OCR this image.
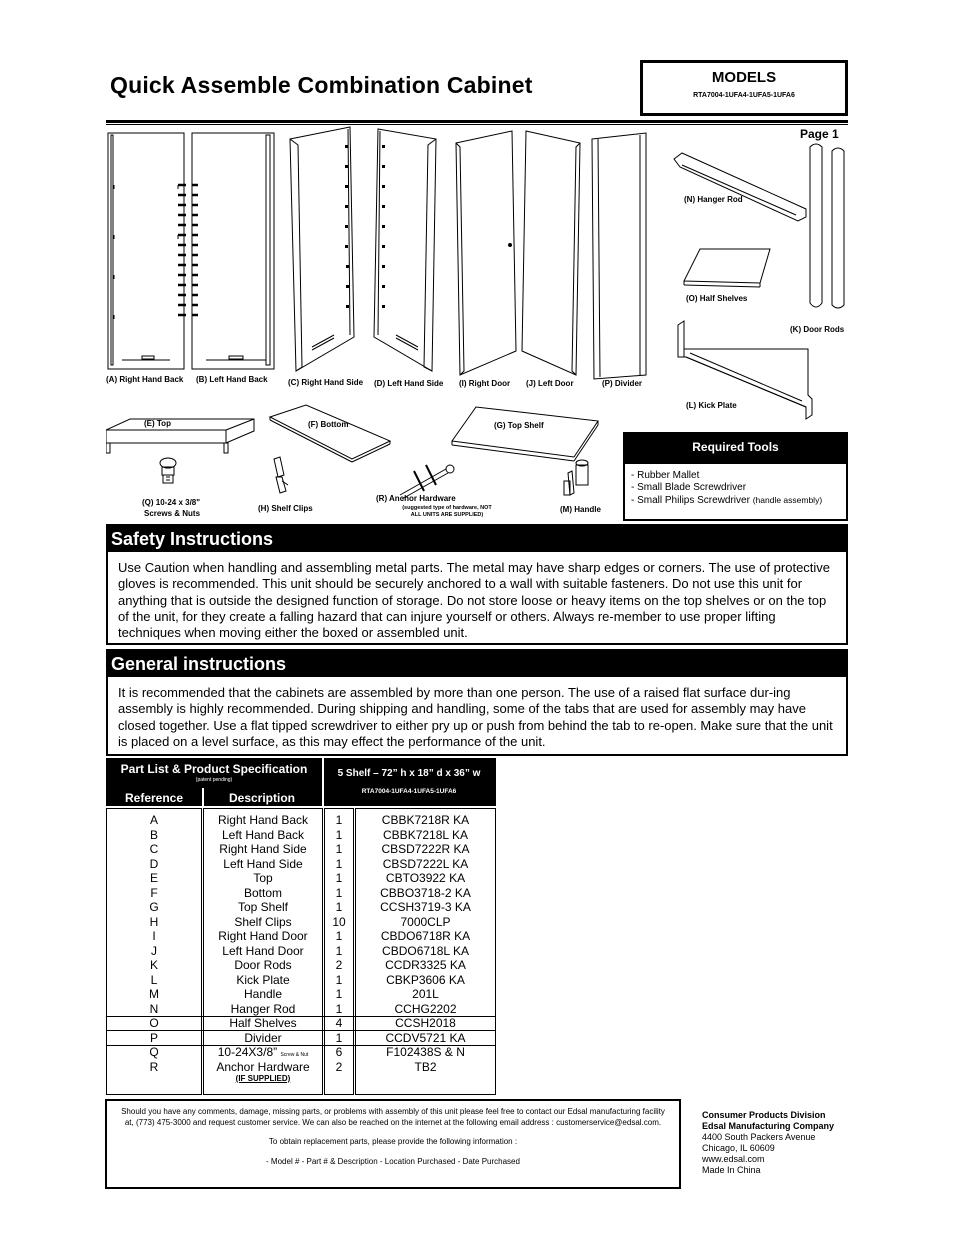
Quick Assemble Combination Cabinet	MODELS
RTA7004-1UFA4-1UFA5-1UFA6
Page 1
(A) Right Hand Back (B) Left Hand Back	(C) Right Hand Side (D) Left Hand Side (I) Right Door (J) Left Door	(P) Divider
(N) Hanger Rod
(O) Half Shelves
(K) Door Rods
(L) Kick Plate
(E) Top	(F) Bottom	(G) Top Shelf
(Q) 10-24 x 3/8"
Screws & Nuts
(H) Shelf Clips
(R) Anchor Hardware
(suggested type of hardware, NOT
ALL UNITS ARE SUPPLIED)
(M) Handle
Required Tools
- Rubber Mallet
- Small Blade Screwdriver
- Small Philips Screwdriver (handle assembly)
Safety Instructions
Use Caution when handling and assembling metal parts. The metal may have sharp edges or corners. The use of protective gloves is recommended. This unit should be securely anchored to a wall with suitable fasteners. Do not use this unit for anything that is outside the designed function of storage. Do not store loose or heavy items on the top shelves or on the top of the unit, for they create a falling hazard that can injure yourself or others. Always re-member to use proper lifting techniques when moving either the boxed or assembled unit.
General instructions
It is recommended that the cabinets are assembled by more than one person. The use of a raised flat surface dur-ing assembly is highly recommended. During shipping and handling, some of the tabs that are used for assembly may have closed together. Use a flat tipped screwdriver to either pry up or push from behind the tab to re-open. Make sure that the unit is placed on a level surface, as this may effect the performance of the unit.
Part List & Product Specification
(patent pending)
Reference	Description
5 Shelf – 72” h x 18” d x 36” w
RTA7004-1UFA4-1UFA5-1UFA6
A	Right Hand Back	1	CBBK7218R KA
B	Left Hand Back	1	CBBK7218L KA
C	Right Hand Side	1	CBSD7222R KA
D	Left Hand Side	1	CBSD7222L KA
E	Top	1	CBTO3922 KA
F	Bottom	1	CBBO3718-2 KA
G	Top Shelf	1	CCSH3719-3 KA
H	Shelf Clips	10	7000CLP
I	Right Hand Door	1	CBDO6718R KA
J	Left Hand Door	1	CBDO6718L KA
K	Door Rods	2	CCDR3325 KA
L	Kick Plate	1	CBKP3606 KA
M	Handle	1	201L
N	Hanger Rod	1	CCHG2202
O	Half Shelves	4	CCSH2018
P	Divider	1	CCDV5721 KA
Q	10-24X3/8” Screw & Nut	6	F102438S & N
R	Anchor Hardware	2	TB2
(IF SUPPLIED)

Should you have any comments, damage, missing parts, or problems with assembly of this unit please feel free to contact our Edsal manufacturing facility at, (773) 475-3000 and request customer service. We can also be reached on the internet at the following email address : customerservice@edsal.com.

To obtain replacement parts, please provide the following information :

- Model # - Part # & Description - Location Purchased - Date Purchased

Consumer Products Division
Edsal Manufacturing Company
4400 South Packers Avenue
Chicago, IL 60609
www.edsal.com
Made In China
